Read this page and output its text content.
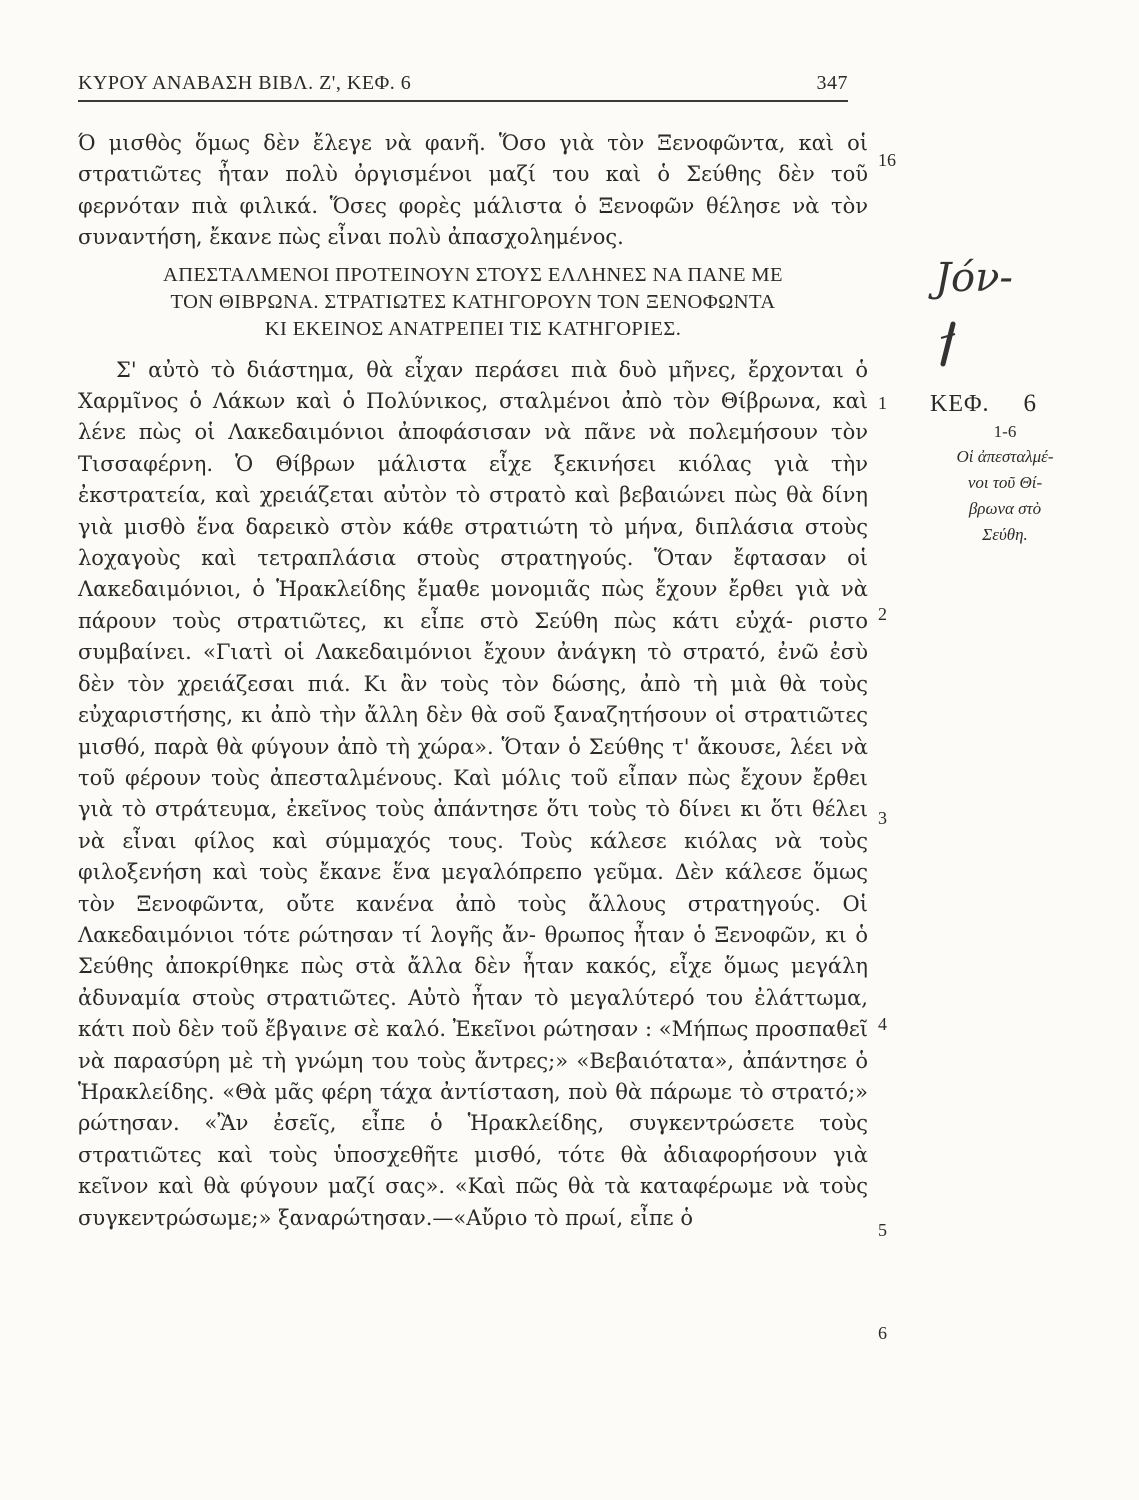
ΚΥΡΟΥ ΑΝΑΒΑΣΗ ΒΙΒΛ. Ζ', ΚΕΦ. 6	347

Ό μισθὸς ὅμως δὲν ἔλεγε νὰ φανῆ. Ὅσο γιὰ τὸν Ξενοφῶντα, καὶ οἱ στρατιῶτες ἦταν πολὺ ὀργισμένοι μαζί του καὶ ὁ Σεύθης δὲν τοῦ φερνόταν πιὰ φιλικά. Ὅσες φορὲς μάλιστα ὁ Ξενοφῶν θέλησε νὰ τὸν συναντήση, ἔκανε πὼς εἶναι πολὺ ἀπασχολημένος.

ΑΠΕΣΤΑΛΜΕΝΟΙ ΠΡΟΤΕΙΝΟΥΝ ΣΤΟΥΣ ΕΛΛΗΝΕΣ ΝΑ ΠΑΝΕ ΜΕ
ΤΟΝ ΘΙΒΡΩΝΑ. ΣΤΡΑΤΙΩΤΕΣ ΚΑΤΗΓΟΡΟΥΝ ΤΟΝ ΞΕΝΟΦΩΝΤΑ
ΚΙ ΕΚΕΙΝΟΣ ΑΝΑΤΡΕΠΕΙ ΤΙΣ ΚΑΤΗΓΟΡΙΕΣ.

Σ' αὐτὸ τὸ διάστημα, θὰ εἶχαν περάσει πιὰ δυὸ μῆνες, ἔρχονται ὁ Χαρμῖνος ὁ Λάκων καὶ ὁ Πολύνικος, σταλμένοι ἀπὸ τὸν Θίβρωνα, καὶ λένε πὼς οἱ Λακεδαιμόνιοι ἀποφάσισαν νὰ πᾶνε νὰ πολεμήσουν τὸν Τισσαφέρνη. Ὁ Θίβρων μάλιστα εἶχε ξεκινήσει κιόλας γιὰ τὴν ἐκστρατεία, καὶ χρειάζεται αὐτὸν τὸ στρατὸ καὶ βεβαιώνει πὼς θὰ δίνη γιὰ μισθὸ ἕνα δαρεικὸ στὸν κάθε στρατιώτη τὸ μήνα, διπλάσια στοὺς λοχαγοὺς καὶ τετραπλάσια στοὺς στρατηγούς. Ὅταν ἔφτασαν οἱ Λακεδαιμόνιοι, ὁ Ἡρακλείδης ἔμαθε μονομιᾶς πὼς ἔχουν ἔρθει γιὰ νὰ πάρουν τοὺς στρατιῶτες, κι εἶπε στὸ Σεύθη πὼς κάτι εὐχά- ριστο συμβαίνει. «Γιατὶ οἱ Λακεδαιμόνιοι ἔχουν ἀνάγκη τὸ στρατό, ἐνῶ ἐσὺ δὲν τὸν χρειάζεσαι πιά. Κι ἂν τοὺς τὸν δώσης, ἀπὸ τὴ μιὰ θὰ τοὺς εὐχαριστήσης, κι ἀπὸ τὴν ἄλλη δὲν θὰ σοῦ ξαναζητήσουν οἱ στρατιῶτες μισθό, παρὰ θὰ φύγουν ἀπὸ τὴ χώρα». Ὅταν ὁ Σεύθης τ' ἄκουσε, λέει νὰ τοῦ φέρουν τοὺς ἀπεσταλμένους. Καὶ μόλις τοῦ εἶπαν πὼς ἔχουν ἔρθει γιὰ τὸ στράτευμα, ἐκεῖνος τοὺς ἀπάντησε ὅτι τοὺς τὸ δίνει κι ὅτι θέλει νὰ εἶναι φίλος καὶ σύμμαχός τους. Τοὺς κάλεσε κιόλας νὰ τοὺς φιλοξενήση καὶ τοὺς ἔκανε ἕνα μεγαλόπρεπο γεῦμα. Δὲν κάλεσε ὅμως τὸν Ξενοφῶντα, οὔτε κανένα ἀπὸ τοὺς ἄλλους στρατηγούς. Οἱ Λακεδαιμόνιοι τότε ρώτησαν τί λογῆς ἄν- θρωπος ἦταν ὁ Ξενοφῶν, κι ὁ Σεύθης ἀποκρίθηκε πὼς στὰ ἄλλα δὲν ἦταν κακός, εἶχε ὅμως μεγάλη ἀδυναμία στοὺς στρατιῶτες. Αὐτὸ ἦταν τὸ μεγαλύτερό του ἐλάττωμα, κάτι ποὺ δὲν τοῦ ἔβγαινε σὲ καλό. Ἐκεῖνοι ρώτησαν : «Μήπως προσπαθεῖ νὰ παρασύρη μὲ τὴ γνώμη του τοὺς ἄντρες;» «Βεβαιότατα», ἀπάντησε ὁ Ἡρακλείδης. «Θὰ μᾶς φέρη τάχα ἀντίσταση, ποὺ θὰ πάρωμε τὸ στρατό;» ρώτησαν. «Ἂν ἐσεῖς, εἶπε ὁ Ἡρακλείδης, συγκεντρώσετε τοὺς στρατιῶτες καὶ τοὺς ὑποσχεθῆτε μισθό, τότε θὰ ἀδιαφορήσουν γιὰ κεῖνον καὶ θὰ φύγουν μαζί σας». «Καὶ πῶς θὰ τὰ καταφέρωμε νὰ τοὺς συγκεντρώσωμε;» ξαναρώτησαν.—«Αὔριο τὸ πρωί, εἶπε ὁ

16
1
2
3
4
5
6
Jόν-
ΚΕΦ. 6
1-6
Οἱ ἀπεσταλμέ-
νοι τοῦ Θί-
βρωνα στὸ
Σεύθη.
